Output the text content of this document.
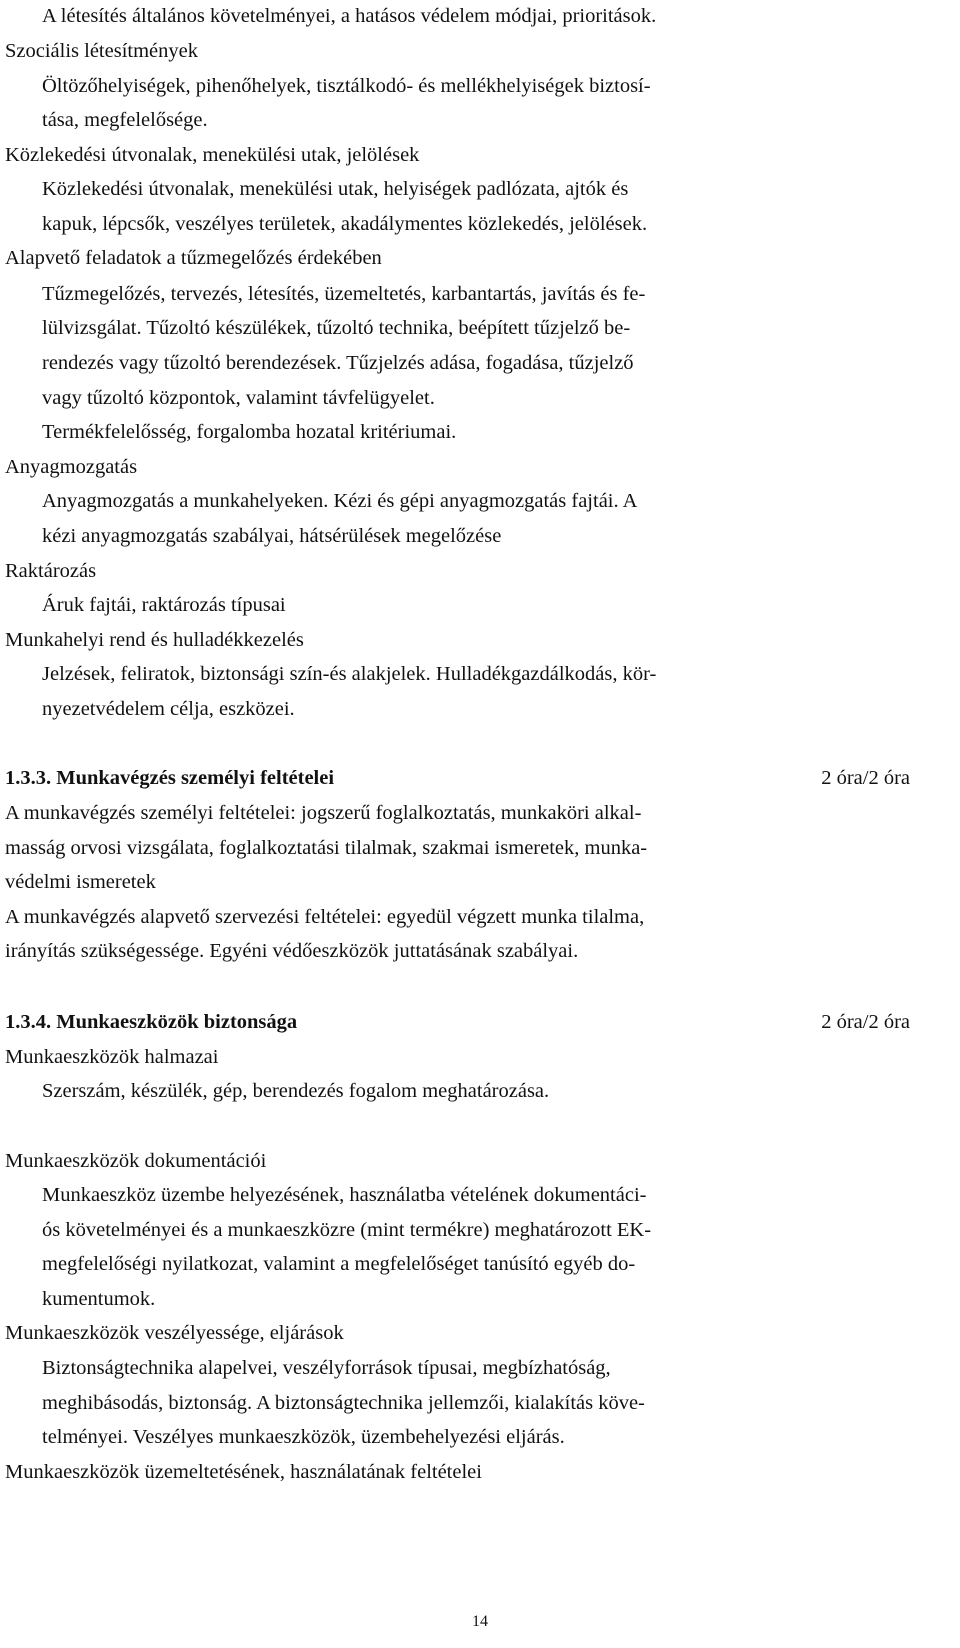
A létesítés általános követelményei, a hatásos védelem módjai, prioritások.
Szociális létesítmények
Öltözőhelyiségek, pihenőhelyek, tisztálkodó- és mellékhelyiségek biztosí-
tása, megfelelősége.
Közlekedési útvonalak, menekülési utak, jelölések
Közlekedési útvonalak, menekülési utak, helyiségek padlózata, ajtók és
kapuk, lépcsők, veszélyes területek, akadálymentes közlekedés, jelölések.
Alapvető feladatok a tűzmegelőzés érdekében
Tűzmegelőzés, tervezés, létesítés, üzemeltetés, karbantartás, javítás és fe-
lülvizsgálat. Tűzoltó készülékek, tűzoltó technika, beépített tűzjelző be-
rendezés vagy tűzoltó berendezések. Tűzjelzés adása, fogadása, tűzjelző
vagy tűzoltó központok, valamint távfelügyelet.
Termékfelelősség, forgalomba hozatal kritériumai.
Anyagmozgatás
Anyagmozgatás a munkahelyeken. Kézi és gépi anyagmozgatás fajtái. A
kézi anyagmozgatás szabályai, hátsérülések megelőzése
Raktározás
Áruk fajtái, raktározás típusai
Munkahelyi rend és hulladékkezelés
Jelzések, feliratok, biztonsági szín-és alakjelek. Hulladékgazdálkodás, kör-
nyezetvédelem célja, eszközei.
1.3.3. Munkavégzés személyi feltételei	2 óra/2 óra
A munkavégzés személyi feltételei: jogszerű foglalkoztatás, munkaköri alkal-
masság orvosi vizsgálata, foglalkoztatási tilalmak, szakmai ismeretek, munka-
védelmi ismeretek
A munkavégzés alapvető szervezési feltételei: egyedül végzett munka tilalma,
irányítás szükségessége. Egyéni védőeszközök juttatásának szabályai.
1.3.4. Munkaeszközök biztonsága	2 óra/2 óra
Munkaeszközök halmazai
Szerszám, készülék, gép, berendezés fogalom meghatározása.
Munkaeszközök dokumentációi
Munkaeszköz üzembe helyezésének, használatba vételének dokumentáci-
ós követelményei és a munkaeszközre (mint termékre) meghatározott EK-
megfelelőségi nyilatkozat, valamint a megfelelőséget tanúsító egyéb do-
kumentumok.
Munkaeszközök veszélyessége, eljárások
Biztonságtechnika alapelvei, veszélyforrások típusai, megbízhatóság,
meghibásodás, biztonság. A biztonságtechnika jellemzői, kialakítás köve-
telményei. Veszélyes munkaeszközök, üzembehelyezési eljárás.
Munkaeszközök üzemeltetésének, használatának feltételei
14
